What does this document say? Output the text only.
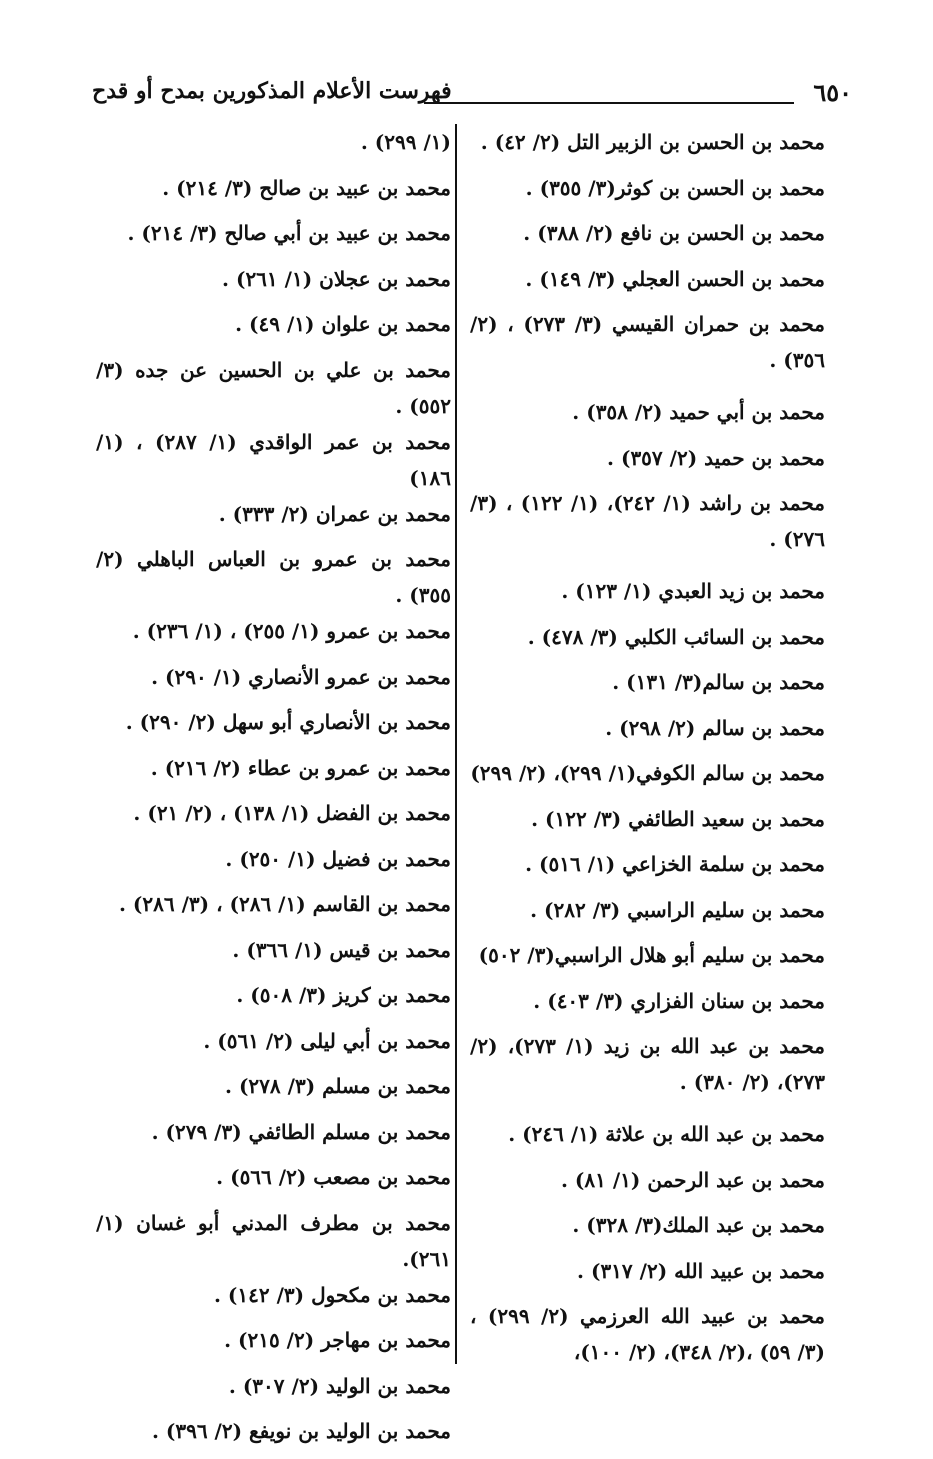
٦٥٠
فهرست الأعلام المذكورين بمدح أو قدح

محمد بن الحسن بن الزبير التل (٢/ ٤٢) .

محمد بن الحسن بن كوثر(٣/ ٣٥٥) .

محمد بن الحسن بن نافع (٢/ ٣٨٨) .

محمد بن الحسن العجلي (٣/ ١٤٩) .

محمد بن حمران القيسي (٣/ ٢٧٣) ، (٢/ ٣٥٦) .

محمد بن أبي حميد (٢/ ٣٥٨) .

محمد بن حميد (٢/ ٣٥٧) .

محمد بن راشد (١/ ٢٤٢)، (١/ ١٢٢) ، (٣/ ٢٧٦) .

محمد بن زيد العبدي (١/ ١٢٣) .

محمد بن السائب الكلبي (٣/ ٤٧٨) .

محمد بن سالم(٣/ ١٣١) .

محمد بن سالم (٢/ ٢٩٨) .

محمد بن سالم الكوفي(١/ ٢٩٩)، (٢/ ٢٩٩)

محمد بن سعيد الطائفي (٣/ ١٢٢) .

محمد بن سلمة الخزاعي (١/ ٥١٦) .

محمد بن سليم الراسبي (٣/ ٢٨٢) .

محمد بن سليم أبو هلال الراسبي(٣/ ٥٠٢)

محمد بن سنان الفزاري (٣/ ٤٠٣) .

محمد بن عبد الله بن زيد (١/ ٢٧٣)، (٢/ ٢٧٣)، (٢/ ٣٨٠) .

محمد بن عبد الله بن علاثة (١/ ٢٤٦) .

محمد بن عبد الرحمن (١/ ٨١) .

محمد بن عبد الملك(٣/ ٣٢٨) .

محمد بن عبيد الله (٢/ ٣١٧) .

محمد بن عبيد الله العرزمي (٢/ ٢٩٩) ، (٣/ ٥٩) ،(٢/ ٣٤٨)، (٢/ ١٠٠)،

(١/ ٢٩٩) .

محمد بن عبيد بن صالح (٣/ ٢١٤) .

محمد بن عبيد بن أبي صالح (٣/ ٢١٤) .

محمد بن عجلان (١/ ٢٦١) .

محمد بن علوان (١/ ٤٩) .

محمد بن علي بن الحسين عن جده (٣/ ٥٥٢) .

محمد بن عمر الواقدي (١/ ٢٨٧) ، (١/ ١٨٦)

محمد بن عمران (٢/ ٣٣٣) .

محمد بن عمرو بن العباس الباهلي (٢/ ٣٥٥) .

محمد بن عمرو (١/ ٢٥٥) ، (١/ ٢٣٦) .

محمد بن عمرو الأنصاري (١/ ٢٩٠) .

محمد بن الأنصاري أبو سهل (٢/ ٢٩٠) .

محمد بن عمرو بن عطاء (٢/ ٢١٦) .

محمد بن الفضل (١/ ١٣٨) ، (٢/ ٢١) .

محمد بن فضيل (١/ ٢٥٠) .

محمد بن القاسم (١/ ٢٨٦) ، (٣/ ٢٨٦) .

محمد بن قيس (١/ ٣٦٦) .

محمد بن كريز (٣/ ٥٠٨) .

محمد بن أبي ليلى (٢/ ٥٦١) .

محمد بن مسلم (٣/ ٢٧٨) .

محمد بن مسلم الطائفي (٣/ ٢٧٩) .

محمد بن مصعب (٢/ ٥٦٦) .

محمد بن مطرف المدني أبو غسان (١/ ٢٦١).

محمد بن مكحول (٣/ ١٤٢) .

محمد بن مهاجر (٢/ ٢١٥) .

محمد بن الوليد (٢/ ٣٠٧) .

محمد بن الوليد بن نويفع (٢/ ٣٩٦) .
